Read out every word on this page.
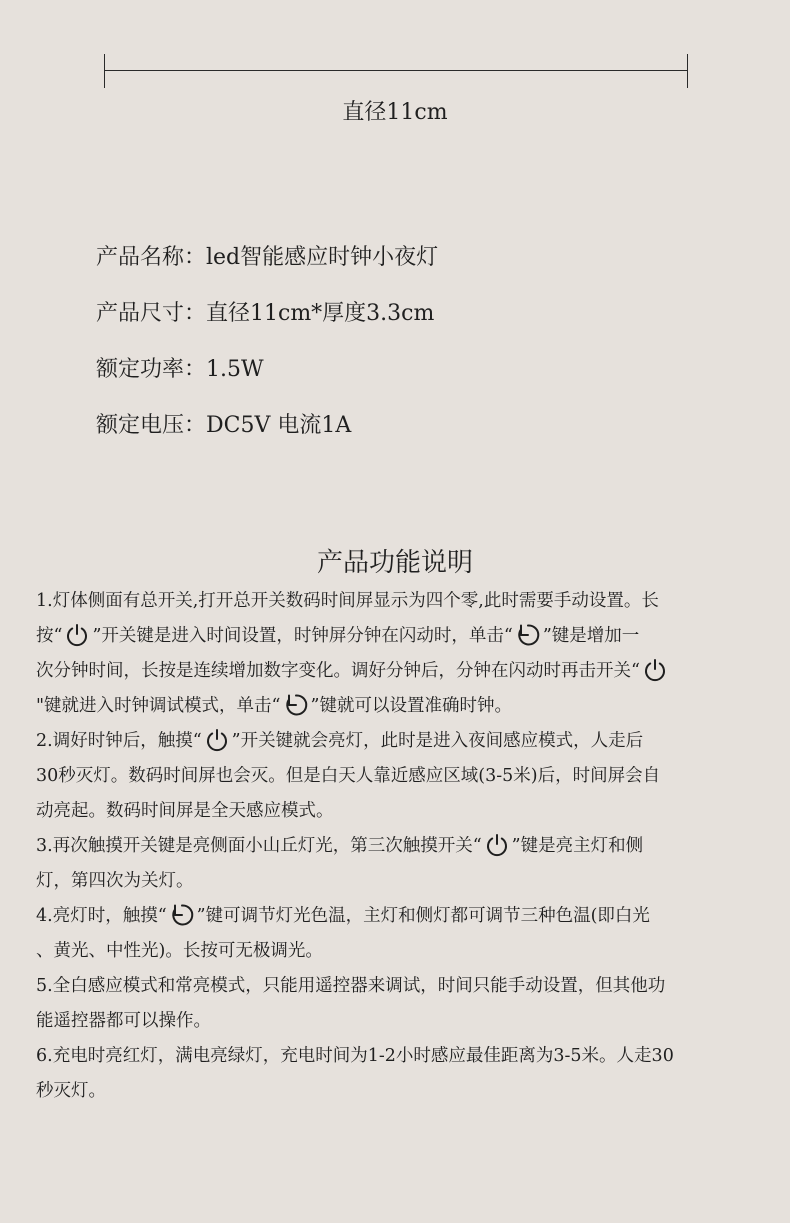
直径11cm
产品名称：led智能感应时钟小夜灯
产品尺寸：直径11cm*厚度3.3cm
额定功率：1.5W
额定电压：DC5V 电流1A
产品功能说明
1.灯体侧面有总开关,打开总开关数码时间屏显示为四个零,此时需要手动设置。长
按“ ”开关键是进入时间设置，时钟屏分钟在闪动时，单击“ ”键是增加一
次分钟时间，长按是连续增加数字变化。调好分钟后，分钟在闪动时再击开关“
"键就进入时钟调试模式，单击“ ”键就可以设置准确时钟。
2.调好时钟后，触摸“ ”开关键就会亮灯，此时是进入夜间感应模式，人走后
30秒灭灯。数码时间屏也会灭。但是白天人靠近感应区域(3-5米)后，时间屏会自
动亮起。数码时间屏是全天感应模式。
3.再次触摸开关键是亮侧面小山丘灯光，第三次触摸开关“ ”键是亮主灯和侧
灯，第四次为关灯。
4.亮灯时，触摸“ ”键可调节灯光色温，主灯和侧灯都可调节三种色温(即白光
、黄光、中性光)。长按可无极调光。
5.全白感应模式和常亮模式，只能用遥控器来调试，时间只能手动设置，但其他功
能遥控器都可以操作。
6.充电时亮红灯，满电亮绿灯，充电时间为1-2小时感应最佳距离为3-5米。人走30
秒灭灯。
